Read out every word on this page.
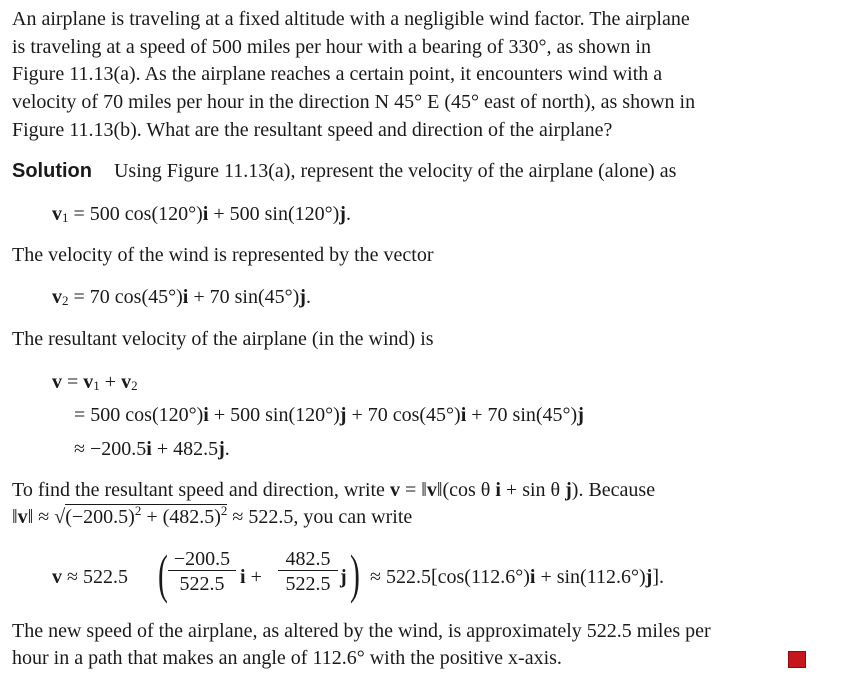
An airplane is traveling at a fixed altitude with a negligible wind factor. The airplane
is traveling at a speed of 500 miles per hour with a bearing of 330°, as shown in
Figure 11.13(a). As the airplane reaches a certain point, it encounters wind with a
velocity of 70 miles per hour in the direction N 45° E (45° east of north), as shown in
Figure 11.13(b). What are the resultant speed and direction of the airplane?
Solution Using Figure 11.13(a), represent the velocity of the airplane (alone) as
$v_1 = 500$ cos(120°)i + 500 sin(120°)j.
The velocity of the wind is represented by the vector
$v_2 = 70$ cos(45°)i + 70 sin(45°)j.
The resultant velocity of the airplane (in the wind) is
$v = v_1 + v_2$
= 500 cos(120°)i + 500 sin(120°)j + 70 cos(45°)i + 70 sin(45°)j
≈ −200.5i + 482.5j.
To find the resultant speed and direction, write v = ‖v‖(cos θ i + sin θ j). Because
‖v‖ ≈ $√(-200.5)^2 + (482.5)^2 \approx 522.5$, you can write
v ≈ 522.5 ( $\frac{-200.5}{522.5}$ $i + \frac{482.5}{522.5}$ j ) ≈ 522.5[cos(112.6°)i + sin(112.6°)j].
The new speed of the airplane, as altered by the wind, is approximately 522.5 miles per
hour in a path that makes an angle of 112.6° with the positive x-axis.
